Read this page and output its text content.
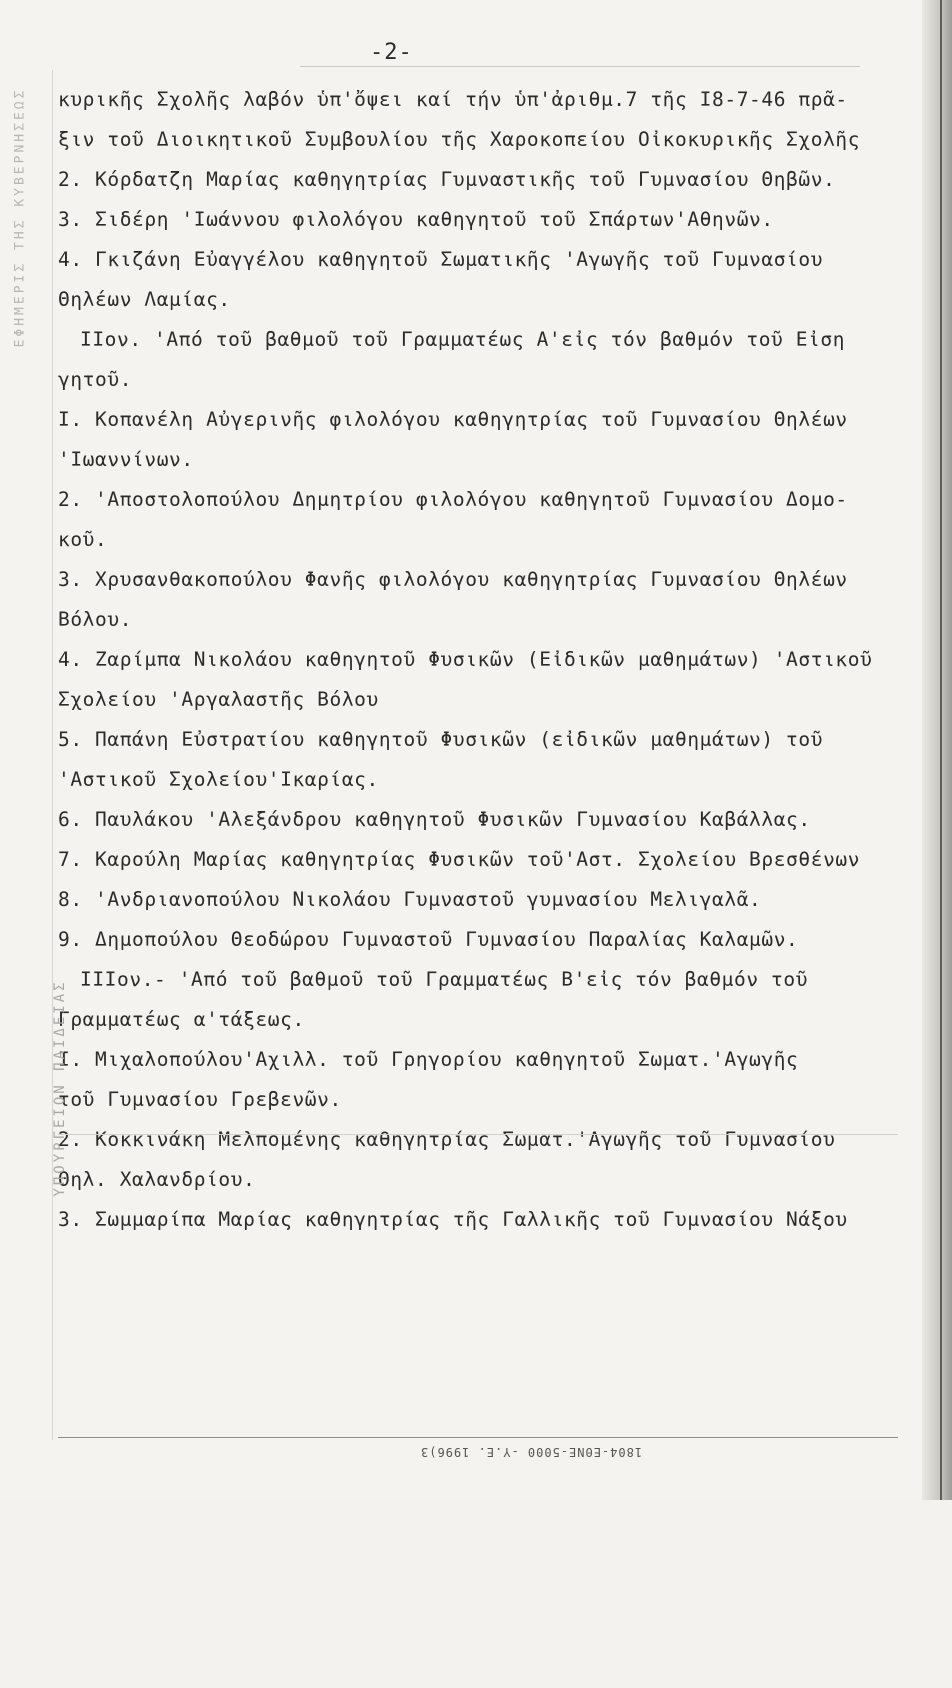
-2-
κυρικῆς Σχολῆς λαβόν ὑπ'ὄψει καί τήν ὑπ'ἀριθμ.7 τῆς Ι8-7-46 πρᾶ-
ξιν τοῦ Διοικητικοῦ Συμβουλίου τῆς Χαροκοπείου Οἰκοκυρικῆς Σχολῆς
2. Κόρδατζη Μαρίας καθηγητρίας Γυμναστικῆς τοῦ Γυμνασίου Θηβῶν.
3. Σιδέρη 'Ιωάννου φιλολόγου καθηγητοῦ τοῦ Σπάρτων'Αθηνῶν.
4. Γκιζάνη Εὐαγγέλου καθηγητοῦ Σωματικῆς 'Αγωγῆς τοῦ Γυμνασίου
Θηλέων Λαμίας.
ΙΙον. 'Από τοῦ βαθμοῦ τοῦ Γραμματέως Α'εἰς τόν βαθμόν τοῦ Εἰση
γητοῦ.
Ι. Κοπανέλη Αὐγερινῆς φιλολόγου καθηγητρίας τοῦ Γυμνασίου Θηλέων
'Ιωαννίνων.
2. 'Αποστολοπούλου Δημητρίου φιλολόγου καθηγητοῦ Γυμνασίου Δομο-
κοῦ.
3. Χρυσανθακοπούλου Φανῆς φιλολόγου καθηγητρίας Γυμνασίου Θηλέων
Βόλου.
4. Ζαρίμπα Νικολάου καθηγητοῦ Φυσικῶν (Εἰδικῶν μαθημάτων) 'Αστικοῦ
Σχολείου 'Αργαλαστῆς Βόλου
5. Παπάνη Εὐστρατίου καθηγητοῦ Φυσικῶν (εἰδικῶν μαθημάτων) τοῦ
'Αστικοῦ Σχολείου'Ικαρίας.
6. Παυλάκου 'Αλεξάνδρου καθηγητοῦ Φυσικῶν Γυμνασίου Καβάλλας.
7. Καρούλη Μαρίας καθηγητρίας Φυσικῶν τοῦ'Αστ. Σχολείου Βρεσθένων
8. 'Ανδριανοπούλου Νικολάου Γυμναστοῦ γυμνασίου Μελιγαλᾶ.
9. Δημοπούλου Θεοδώρου Γυμναστοῦ Γυμνασίου Παραλίας Καλαμῶν.
ΙΙΙον.- 'Από τοῦ βαθμοῦ τοῦ Γραμματέως Β'εἰς τόν βαθμόν τοῦ
Γραμματέως α'τάξεως.
Ι. Μιχαλοπούλου'Αχιλλ. τοῦ Γρηγορίου καθηγητοῦ Σωματ.'Αγωγῆς
τοῦ Γυμνασίου Γρεβενῶν.
2. Κοκκινάκη Μελπομένης καθηγητρίας Σωματ.'Αγωγῆς τοῦ Γυμνασίου
Θηλ. Χαλανδρίου.
3. Σωμμαρίπα Μαρίας καθηγητρίας τῆς Γαλλικῆς τοῦ Γυμνασίου Νάξου
1804-ΕΘΝΕ-5000 -Υ.Ε. 1996)3
ΥΠΟΥΡΓΕΙΟΝ ΠΑΙΔΕΙΑΣ
ΕΦΗΜΕΡΙΣ ΤΗΣ ΚΥΒΕΡΝΗΣΕΩΣ
